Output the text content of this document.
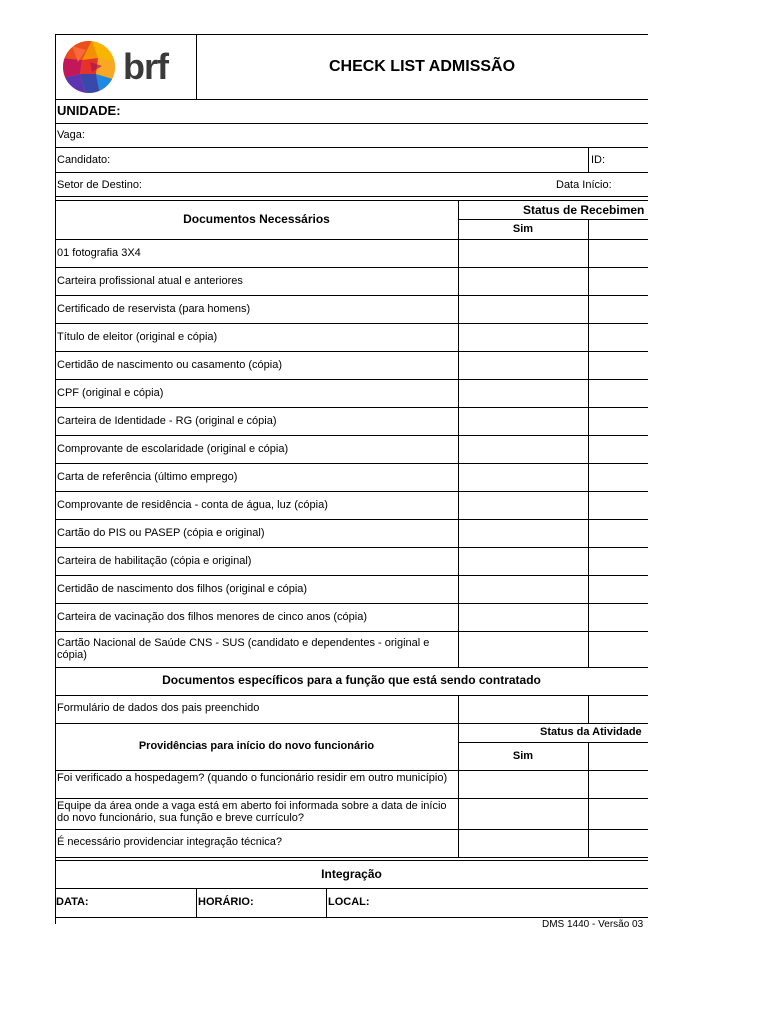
brf	CHECK LIST ADMISSÃO
UNIDADE:
Vaga:
Candidato:	ID:
Setor de Destino:	Data Início:
Documentos Necessários
Status de Recebimen
Sim
01 fotografia 3X4
Carteira profissional atual e anteriores
Certificado de reservista (para homens)
Título de eleitor (original e cópia)
Certidão de nascimento ou casamento (cópia)
CPF (original e cópia)
Carteira de Identidade - RG (original e cópia)
Comprovante de escolaridade (original e cópia)
Carta de referência (último emprego)
Comprovante de residência - conta de água, luz (cópia)
Cartão do PIS ou PASEP (cópia e original)
Carteira de habilitação (cópia e original)
Certidão de nascimento dos filhos (original e cópia)
Carteira de vacinação dos filhos menores de cinco anos (cópia)
Cartão Nacional de Saúde CNS - SUS (candidato e dependentes - original e cópia)
Documentos específicos para a função que está sendo contratado
Formulário de dados dos pais preenchido
Providências para início do novo funcionário
Status da Atividade
Sim
Foi verificado a hospedagem? (quando o funcionário residir em outro município)
Equipe da área onde a vaga está em aberto foi informada sobre a data de início do novo funcionário, sua função e breve currículo?
É necessário providenciar integração técnica?
Integração
DATA:	HORÁRIO:	LOCAL:
DMS 1440 - Versão 03
